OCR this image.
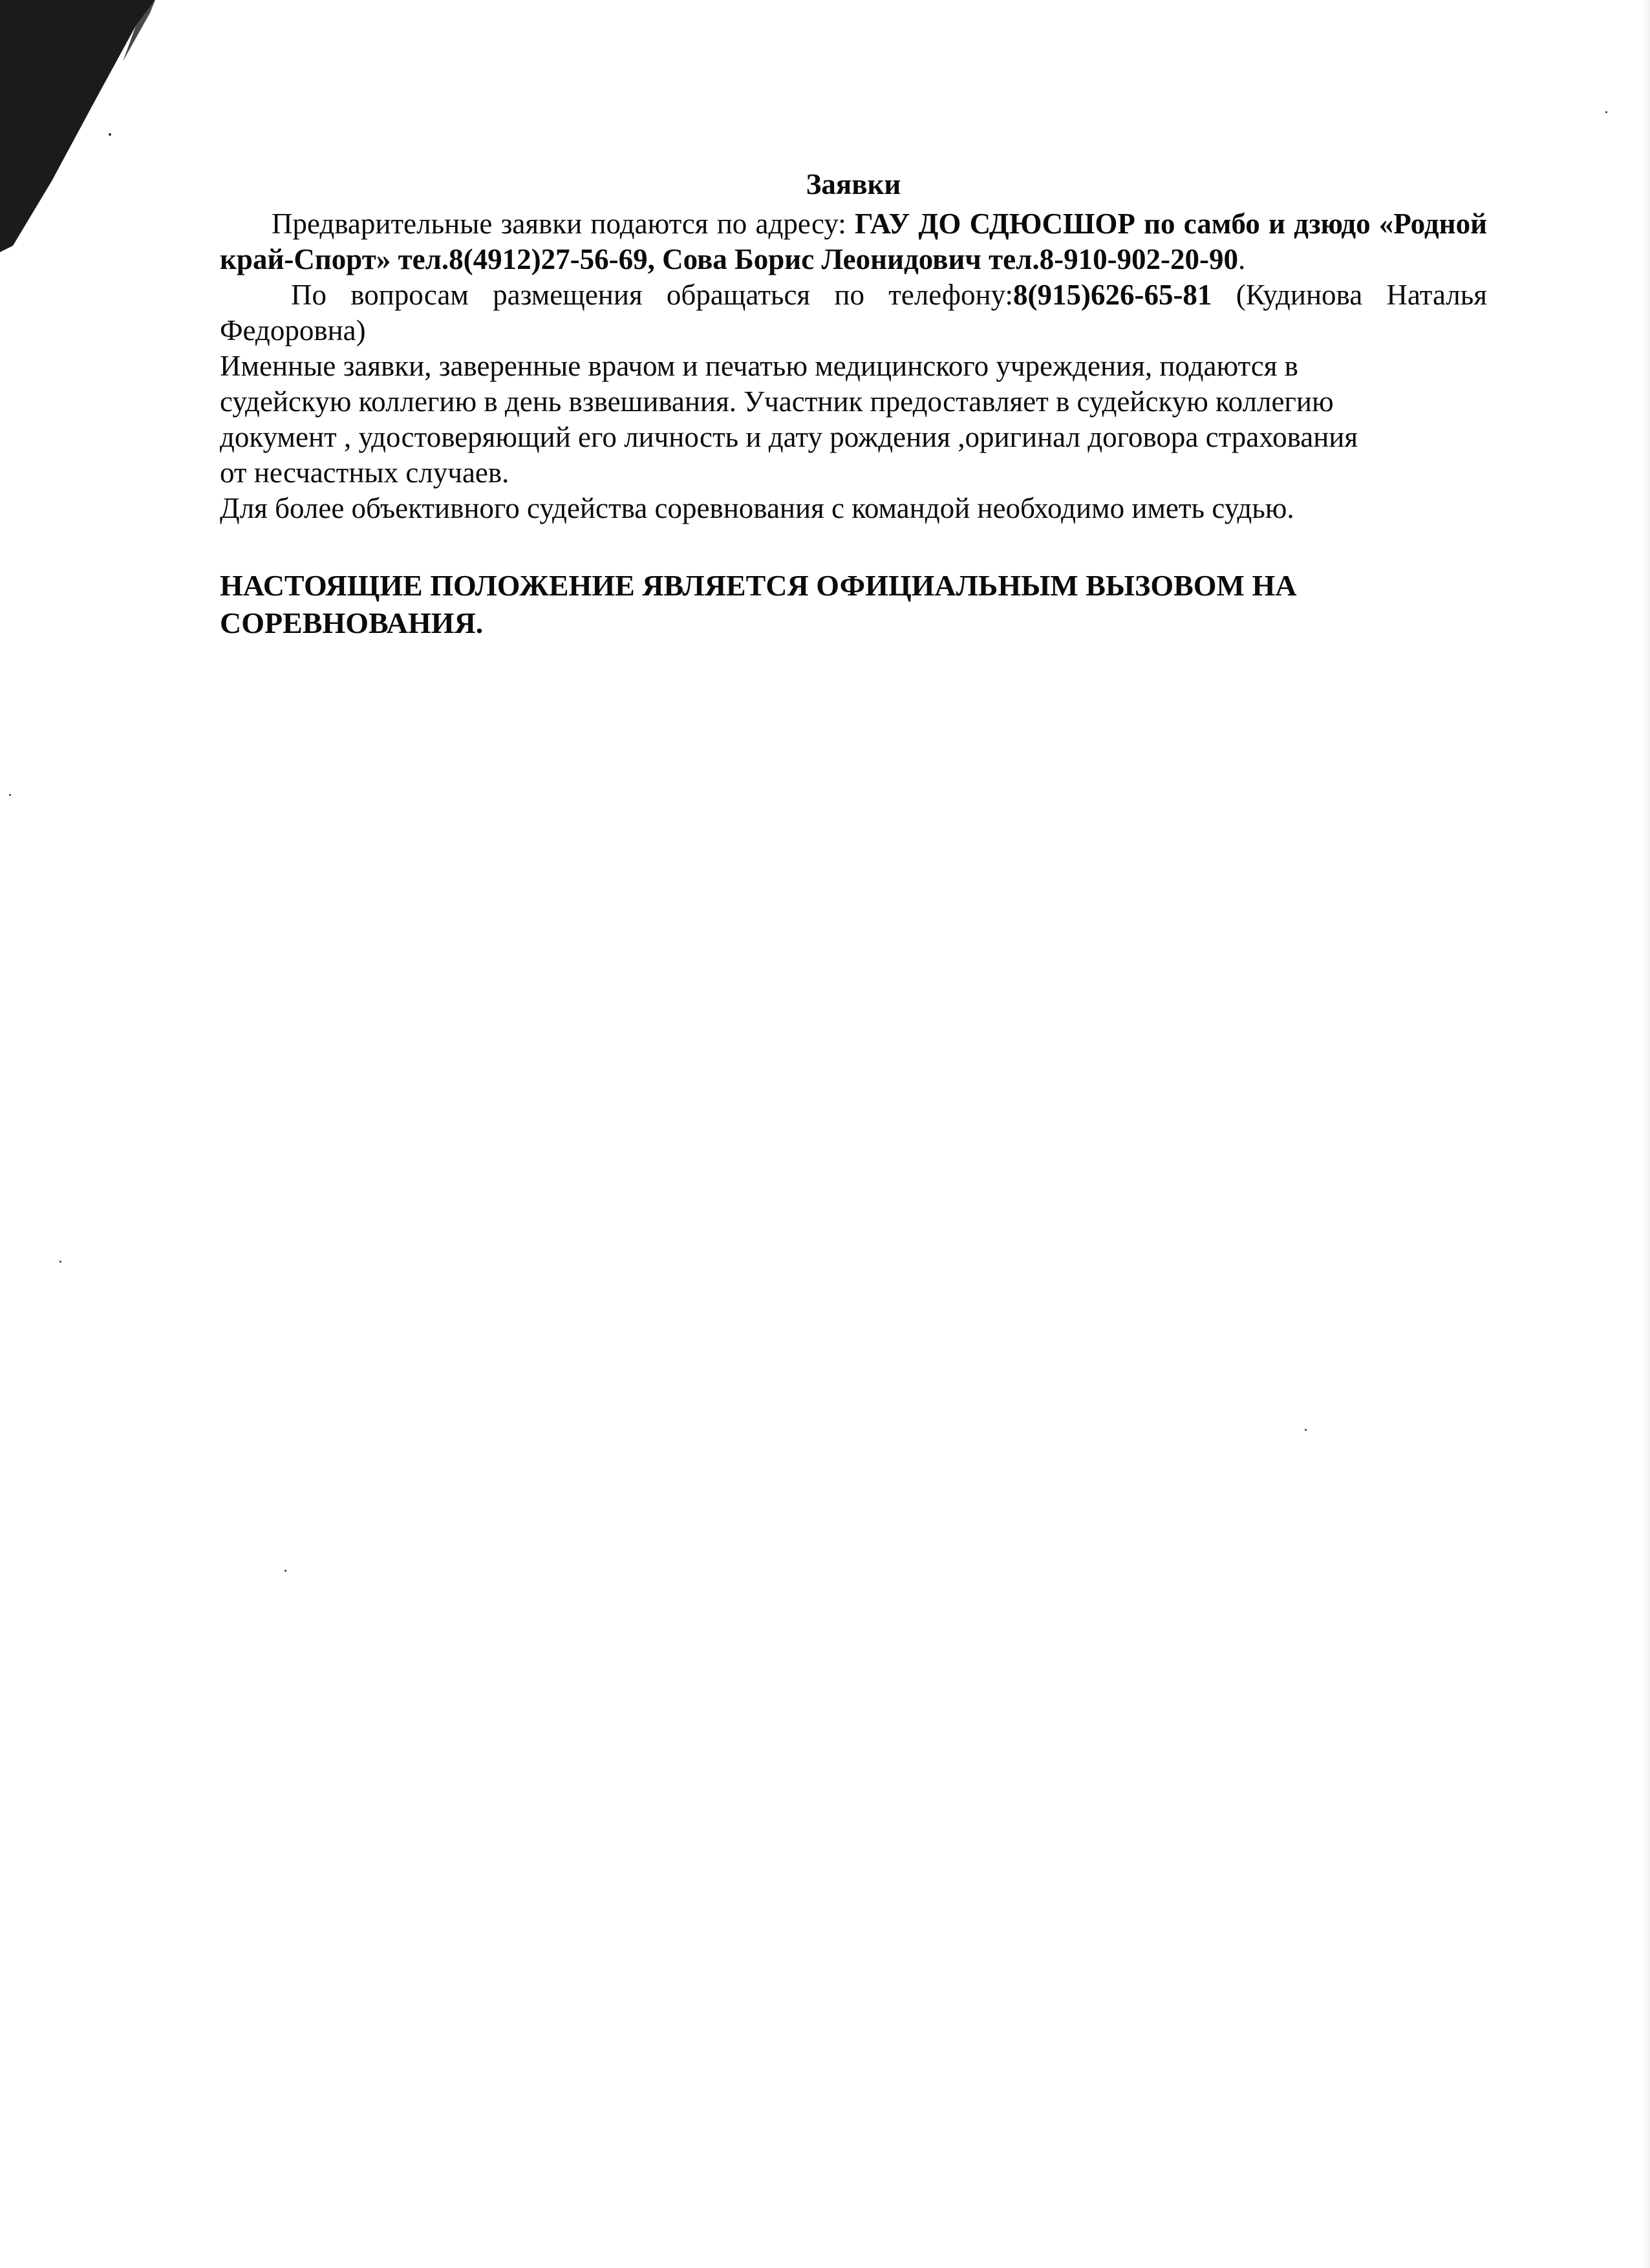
Заявки

Предварительные заявки подаются по адресу: ГАУ ДО СДЮСШОР по самбо и дзюдо «Родной край-Спорт» тел.8(4912)27-56-69, Сова Борис Леонидович тел.8-910-902-20-90.

По вопросам размещения обращаться по телефону:8(915)626-65-81 (Кудинова Наталья Федоровна)

Именные заявки, заверенные врачом и печатью медицинского учреждения, подаются в

судейскую коллегию в день взвешивания. Участник предоставляет в судейскую коллегию

документ , удостоверяющий его личность и дату рождения ,оригинал договора страхования

от несчастных случаев.

Для более объективного судейства соревнования с командой необходимо иметь судью.

НАСТОЯЩИЕ ПОЛОЖЕНИЕ ЯВЛЯЕТСЯ ОФИЦИАЛЬНЫМ ВЫЗОВОМ НА

СОРЕВНОВАНИЯ.
